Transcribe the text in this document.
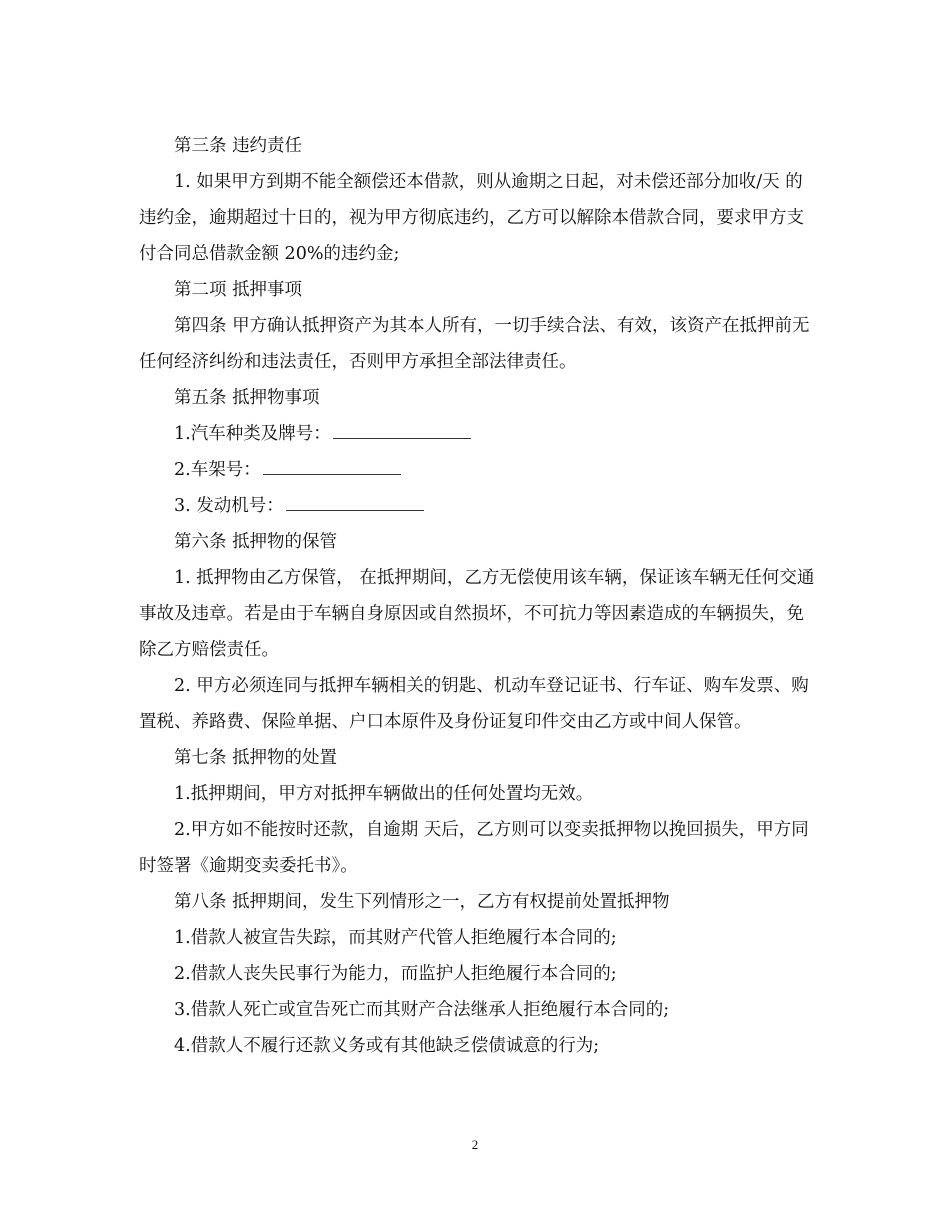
第三条 违约责任

1. 如果甲方到期不能全额偿还本借款，则从逾期之日起，对未偿还部分加收/天 的违约金，逾期超过十日的，视为甲方彻底违约，乙方可以解除本借款合同，要求甲方支付合同总借款金额 20%的违约金;

第二项 抵押事项

第四条 甲方确认抵押资产为其本人所有，一切手续合法、有效，该资产在抵押前无任何经济纠纷和违法责任，否则甲方承担全部法律责任。

第五条 抵押物事项

1.汽车种类及牌号：

2.车架号：

3. 发动机号：

第六条 抵押物的保管

1. 抵押物由乙方保管， 在抵押期间，乙方无偿使用该车辆，保证该车辆无任何交通事故及违章。若是由于车辆自身原因或自然损坏，不可抗力等因素造成的车辆损失，免除乙方赔偿责任。

2. 甲方必须连同与抵押车辆相关的钥匙、机动车登记证书、行车证、购车发票、购置税、养路费、保险单据、户口本原件及身份证复印件交由乙方或中间人保管。

第七条 抵押物的处置

1.抵押期间，甲方对抵押车辆做出的任何处置均无效。

2.甲方如不能按时还款，自逾期 天后，乙方则可以变卖抵押物以挽回损失，甲方同时签署《逾期变卖委托书》。

第八条 抵押期间，发生下列情形之一，乙方有权提前处置抵押物

1.借款人被宣告失踪，而其财产代管人拒绝履行本合同的;

2.借款人丧失民事行为能力，而监护人拒绝履行本合同的;

3.借款人死亡或宣告死亡而其财产合法继承人拒绝履行本合同的;

4.借款人不履行还款义务或有其他缺乏偿债诚意的行为;

2
